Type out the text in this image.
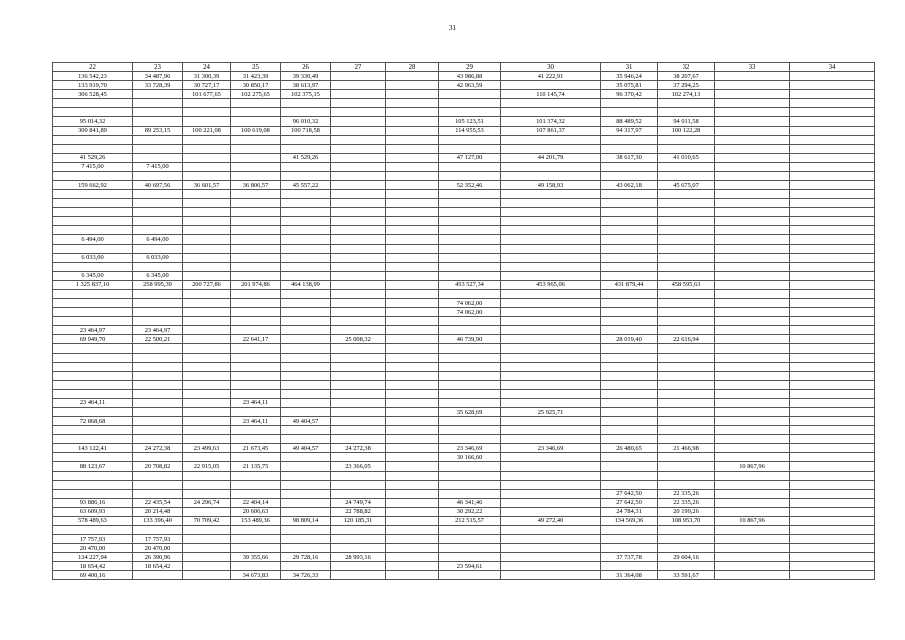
31
22	23	24	25	26	27	28	29	30	31	32	33	34
136 542,23	34 487,96	31 300,39	31 423,39	39 330,49			43 986,88	41 222,91	35 946,24	38 207,67		
133 919,70	33 728,39	30 727,17	30 850,17	38 613,97			42 963,59		35 075,81	37 294,25		
306 528,45		101 677,65	102 275,65	102 375,15				110 145,74	96 370,42	102 274,13		

95 014,32				96 010,32			105 123,51	101 374,32	88 489,52	94 011,58		
300 841,89	89 253,15	100 221,08	100 619,08	100 718,58			114 955,53	107 861,37	94 317,97	100 122,28		

41 529,26				41 529,26			47 127,00	44 201,79	38 617,30	41 010,65		
7 415,00	7 415,00											

159 662,92	40 697,56	36 601,57	36 806,57	45 557,22			52 352,46	49 158,93	43 062,18	45 675,07		

6 494,00	6 494,00											

6 033,00	6 033,00											

6 345,00	6 345,00											
1 325 837,10	258 995,39	200 727,86	201 974,86	464 138,99			453 527,34	453 965,06	431 879,44	458 595,63		

							74 062,00					
							74 062,00					

23 464,97	23 464,97											
69 949,70	22 500,21		22 641,17		25 008,32		46 739,90		28 019,40	22 616,94		

23 464,11			23 464,11									
							35 628,69	25 925,71				
72 868,68			23 464,11	49 404,57								

143 122,41	24 272,38	23 499,63	21 673,45	49 404,57	24 272,38		23 346,69	23 346,69	26 480,65	21 466,98		
							30 166,60					
88 123,67	20 708,82	22 915,05	21 135,75		23 366,05						10 867,96	

									27 642,50	22 335,26		
93 886,16	22 435,54	24 296,74	22 404,14		24 749,74		46 341,46		27 642,50	22 335,26		
63 609,93	20 214,48		20 606,63		22 788,82		30 292,22		24 784,31	20 199,26		
578 489,63	133 396,40	70 709,42	153 489,36	98 809,14	120 185,31		212 515,57	49 272,40	134 569,36	108 953,70	10 867,96	

17 757,93	17 757,93											
20 470,00	20 470,00											
134 227,94	26 390,96		39 355,66	29 728,16	28 993,16				37 737,78	29 604,16		
18 654,42	18 654,42						23 594,61					
69 400,16			34 673,83	34 726,33					31 364,08	33 591,67		
